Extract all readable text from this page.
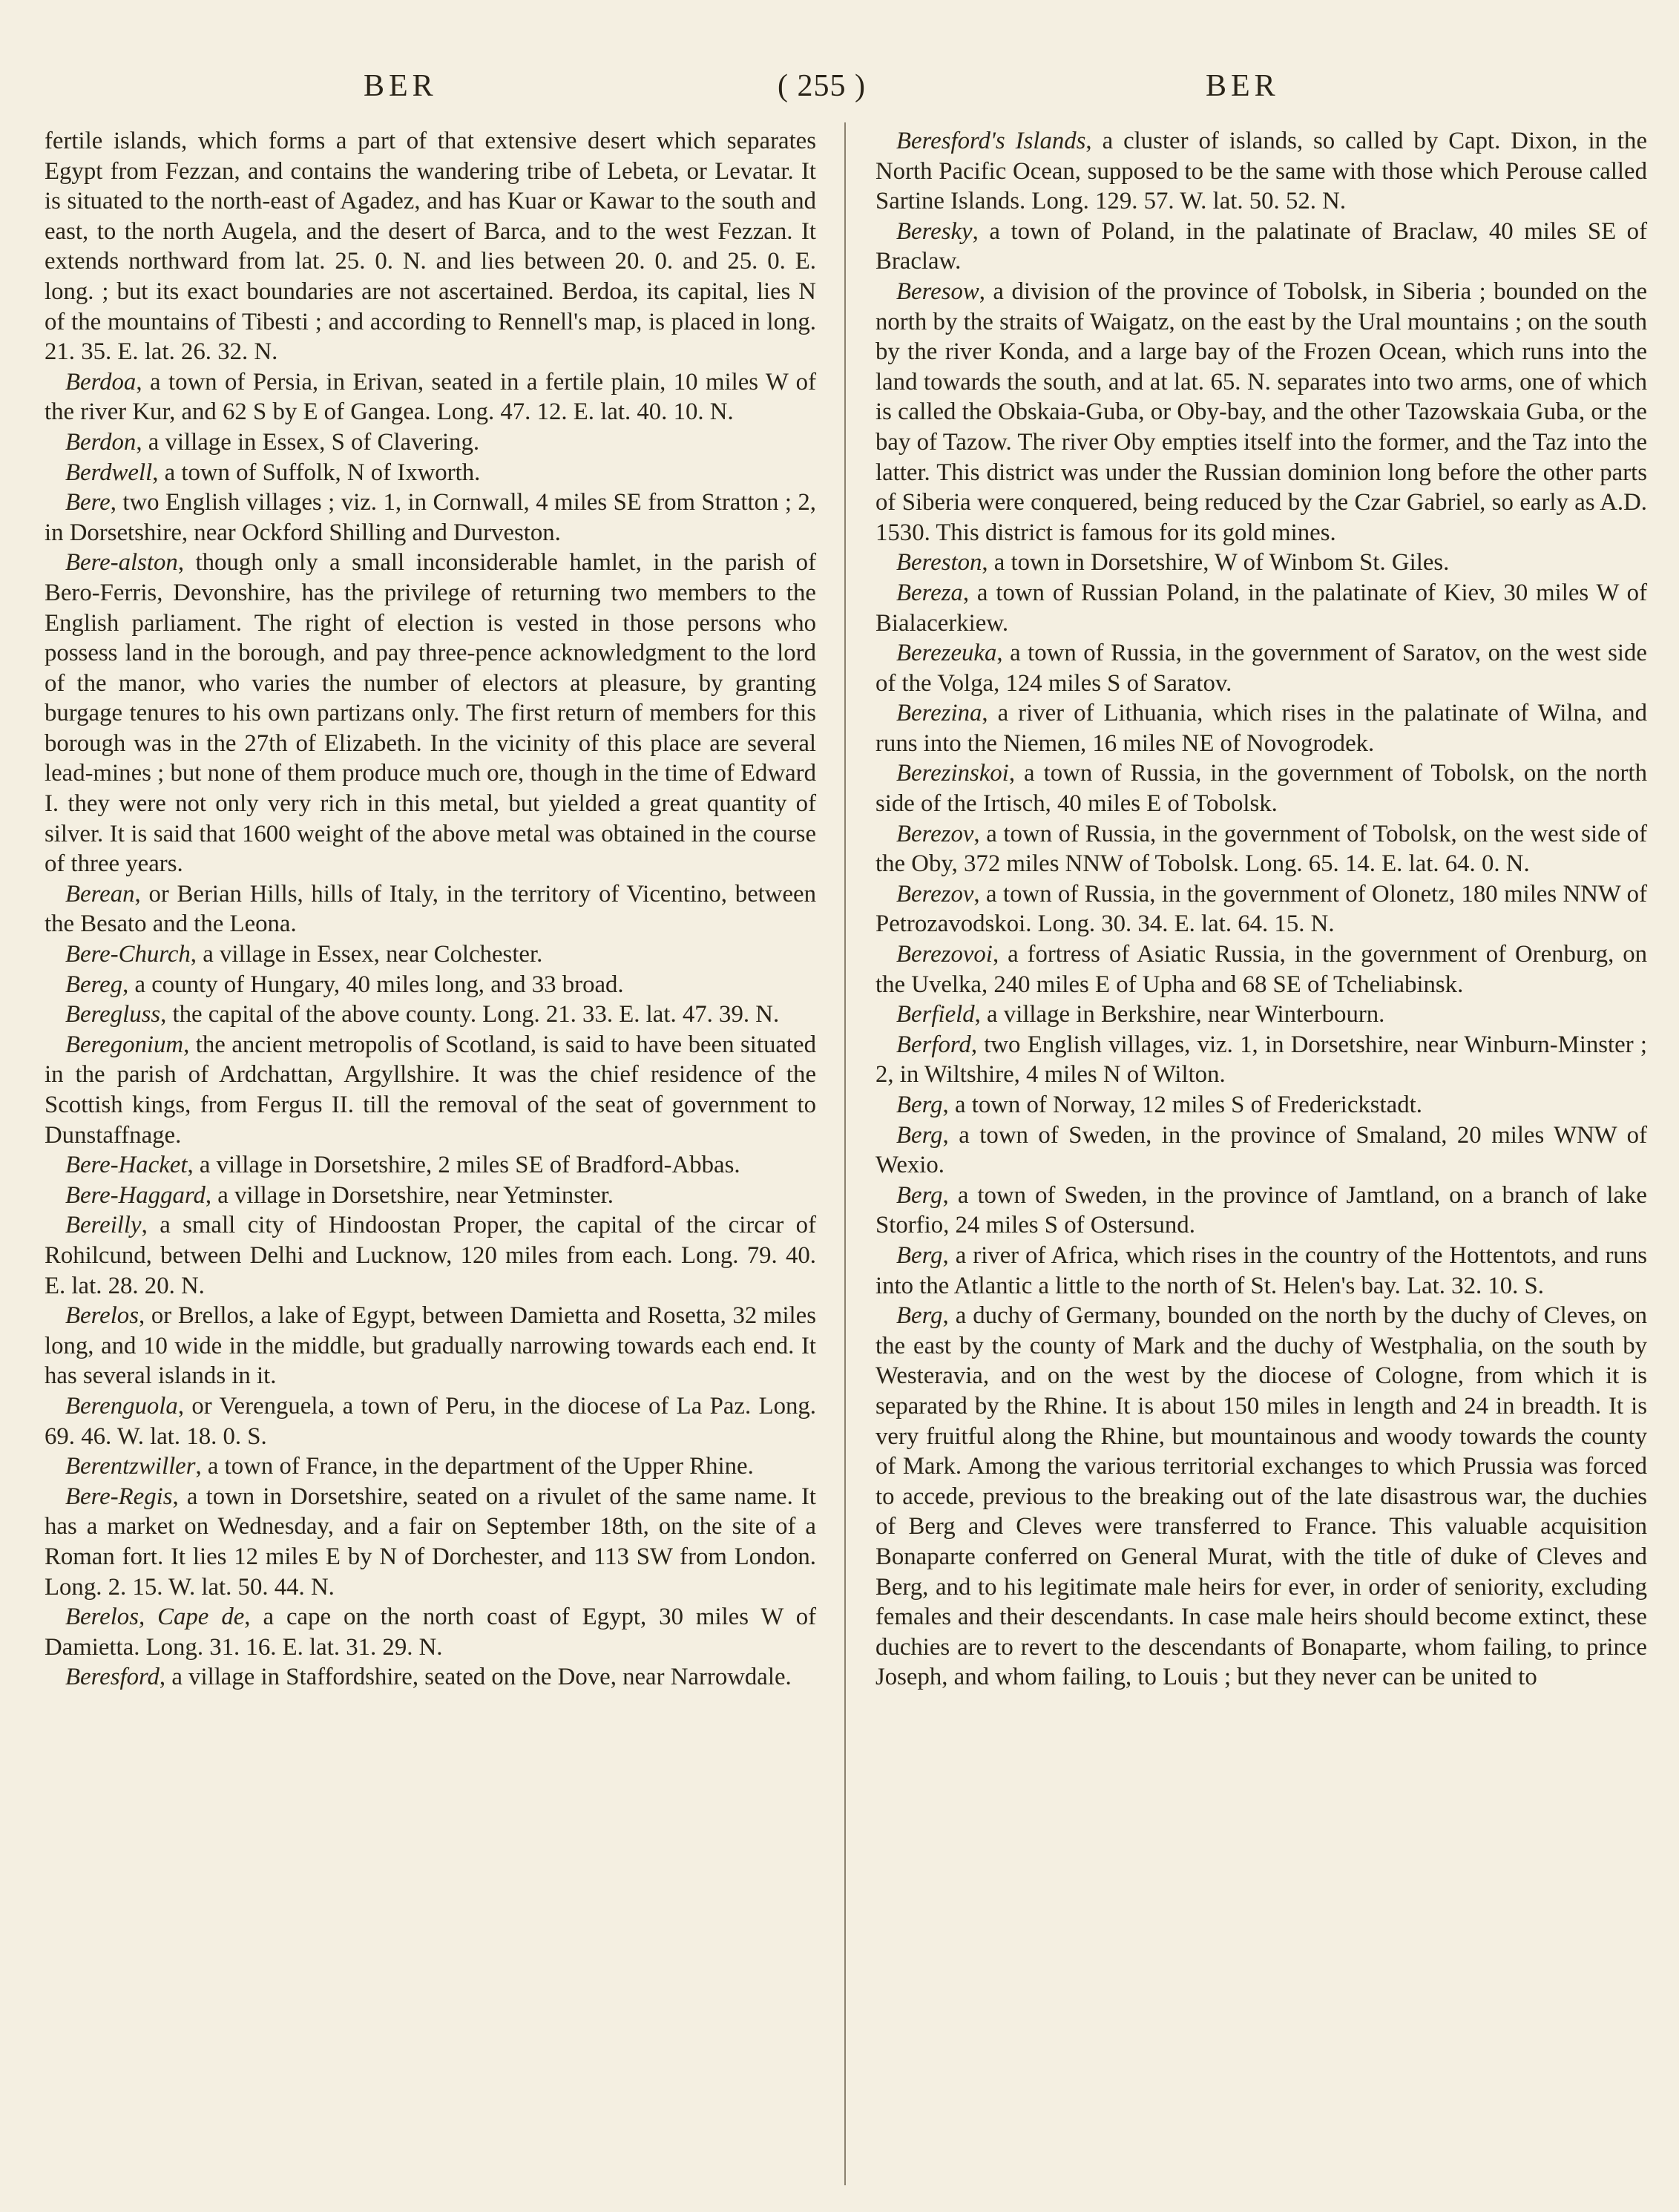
BER	( 255 )	BER

fertile islands, which forms a part of that extensive desert which separates Egypt from Fezzan, and contains the wandering tribe of Lebeta, or Levatar. It is situated to the north-east of Agadez, and has Kuar or Kawar to the south and east, to the north Augela, and the desert of Barca, and to the west Fezzan. It extends northward from lat. 25. 0. N. and lies between 20. 0. and 25. 0. E. long. ; but its exact boundaries are not ascertained. Berdoa, its capital, lies N of the mountains of Tibesti ; and according to Rennell's map, is placed in long. 21. 35. E. lat. 26. 32. N.

Berdoa, a town of Persia, in Erivan, seated in a fertile plain, 10 miles W of the river Kur, and 62 S by E of Gangea. Long. 47. 12. E. lat. 40. 10. N.

Berdon, a village in Essex, S of Clavering.

Berdwell, a town of Suffolk, N of Ixworth.

Bere, two English villages ; viz. 1, in Cornwall, 4 miles SE from Stratton ; 2, in Dorsetshire, near Ockford Shilling and Durveston.

Bere-alston, though only a small inconsiderable hamlet, in the parish of Bero-Ferris, Devonshire, has the privilege of returning two members to the English parliament. The right of election is vested in those persons who possess land in the borough, and pay three-pence acknowledgment to the lord of the manor, who varies the number of electors at pleasure, by granting burgage tenures to his own partizans only. The first return of members for this borough was in the 27th of Elizabeth. In the vicinity of this place are several lead-mines ; but none of them produce much ore, though in the time of Edward I. they were not only very rich in this metal, but yielded a great quantity of silver. It is said that 1600 weight of the above metal was obtained in the course of three years.

Berean, or Berian Hills, hills of Italy, in the territory of Vicentino, between the Besato and the Leona.

Bere-Church, a village in Essex, near Colchester.

Bereg, a county of Hungary, 40 miles long, and 33 broad.

Beregluss, the capital of the above county. Long. 21. 33. E. lat. 47. 39. N.

Beregonium, the ancient metropolis of Scotland, is said to have been situated in the parish of Ardchattan, Argyllshire. It was the chief residence of the Scottish kings, from Fergus II. till the removal of the seat of government to Dunstaffnage.

Bere-Hacket, a village in Dorsetshire, 2 miles SE of Bradford-Abbas.

Bere-Haggard, a village in Dorsetshire, near Yetminster.

Bereilly, a small city of Hindoostan Proper, the capital of the circar of Rohilcund, between Delhi and Lucknow, 120 miles from each. Long. 79. 40. E. lat. 28. 20. N.

Berelos, or Brellos, a lake of Egypt, between Damietta and Rosetta, 32 miles long, and 10 wide in the middle, but gradually narrowing towards each end. It has several islands in it.

Berenguola, or Verenguela, a town of Peru, in the diocese of La Paz. Long. 69. 46. W. lat. 18. 0. S.

Berentzwiller, a town of France, in the department of the Upper Rhine.

Bere-Regis, a town in Dorsetshire, seated on a rivulet of the same name. It has a market on Wednesday, and a fair on September 18th, on the site of a Roman fort. It lies 12 miles E by N of Dorchester, and 113 SW from London. Long. 2. 15. W. lat. 50. 44. N.

Berelos, Cape de, a cape on the north coast of Egypt, 30 miles W of Damietta. Long. 31. 16. E. lat. 31. 29. N.

Beresford, a village in Staffordshire, seated on the Dove, near Narrowdale.

Beresford's Islands, a cluster of islands, so called by Capt. Dixon, in the North Pacific Ocean, supposed to be the same with those which Perouse called Sartine Islands. Long. 129. 57. W. lat. 50. 52. N.

Beresky, a town of Poland, in the palatinate of Braclaw, 40 miles SE of Braclaw.

Beresow, a division of the province of Tobolsk, in Siberia ; bounded on the north by the straits of Waigatz, on the east by the Ural mountains ; on the south by the river Konda, and a large bay of the Frozen Ocean, which runs into the land towards the south, and at lat. 65. N. separates into two arms, one of which is called the Obskaia-Guba, or Oby-bay, and the other Tazowskaia Guba, or the bay of Tazow. The river Oby empties itself into the former, and the Taz into the latter. This district was under the Russian dominion long before the other parts of Siberia were conquered, being reduced by the Czar Gabriel, so early as A.D. 1530. This district is famous for its gold mines.

Bereston, a town in Dorsetshire, W of Winbom St. Giles.

Bereza, a town of Russian Poland, in the palatinate of Kiev, 30 miles W of Bialacerkiew.

Berezeuka, a town of Russia, in the government of Saratov, on the west side of the Volga, 124 miles S of Saratov.

Berezina, a river of Lithuania, which rises in the palatinate of Wilna, and runs into the Niemen, 16 miles NE of Novogrodek.

Berezinskoi, a town of Russia, in the government of Tobolsk, on the north side of the Irtisch, 40 miles E of Tobolsk.

Berezov, a town of Russia, in the government of Tobolsk, on the west side of the Oby, 372 miles NNW of Tobolsk. Long. 65. 14. E. lat. 64. 0. N.

Berezov, a town of Russia, in the government of Olonetz, 180 miles NNW of Petrozavodskoi. Long. 30. 34. E. lat. 64. 15. N.

Berezovoi, a fortress of Asiatic Russia, in the government of Orenburg, on the Uvelka, 240 miles E of Upha and 68 SE of Tcheliabinsk.

Berfield, a village in Berkshire, near Winterbourn.

Berford, two English villages, viz. 1, in Dorsetshire, near Winburn-Minster ; 2, in Wiltshire, 4 miles N of Wilton.

Berg, a town of Norway, 12 miles S of Frederickstadt.

Berg, a town of Sweden, in the province of Smaland, 20 miles WNW of Wexio.

Berg, a town of Sweden, in the province of Jamtland, on a branch of lake Storfio, 24 miles S of Ostersund.

Berg, a river of Africa, which rises in the country of the Hottentots, and runs into the Atlantic a little to the north of St. Helen's bay. Lat. 32. 10. S.

Berg, a duchy of Germany, bounded on the north by the duchy of Cleves, on the east by the county of Mark and the duchy of Westphalia, on the south by Westeravia, and on the west by the diocese of Cologne, from which it is separated by the Rhine. It is about 150 miles in length and 24 in breadth. It is very fruitful along the Rhine, but mountainous and woody towards the county of Mark. Among the various territorial exchanges to which Prussia was forced to accede, previous to the breaking out of the late disastrous war, the duchies of Berg and Cleves were transferred to France. This valuable acquisition Bonaparte conferred on General Murat, with the title of duke of Cleves and Berg, and to his legitimate male heirs for ever, in order of seniority, excluding females and their descendants. In case male heirs should become extinct, these duchies are to revert to the descendants of Bonaparte, whom failing, to prince Joseph, and whom failing, to Louis ; but they never can be united to
